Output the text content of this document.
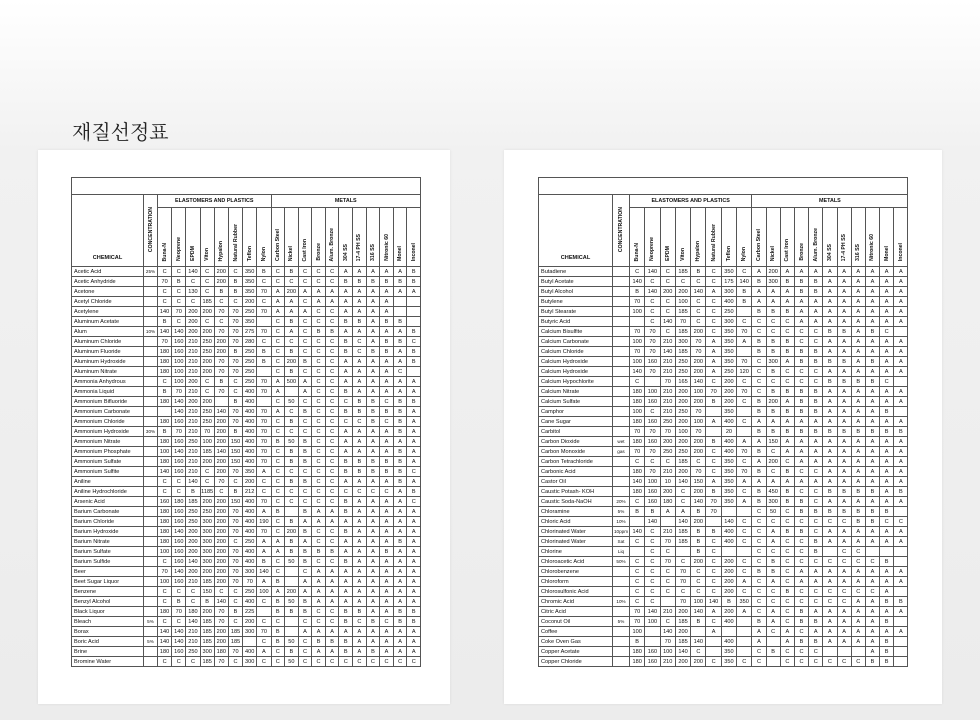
재질선정표

CHEMICAL	CONCENTRATION	ELASTOMERS AND PLASTICS								METALS										
		Buna-N	Neoprene	EPDM	Viton	Hypalon	Natural Rubber	Teflon	Nylon	Carbon Steel	Nickel	Cast Iron	Bronze	Alum. Bronze	304 SS	17-4 PH SS	316 SS	Nitronic 60	Monel	Inconel
Acetic Acid	25%	C	C	140	C	200	C	350	B	C	B	C	C	C	A	A	A	A	A	B
Acetic Anhydride		70	B	C	C	200	B	350	C	C	C	C	C	C	B	B	B	B	B	B
Acetone		C	C	130	C	B	B	350	70	A	200	A	A	A	A	A	A	A	A	A
Acetyl Chloride		C	C	C	185	C	C	200	C	A	A	C	A	A	A	A	A	A		
Acetylene		140	70	200	200	70	70	250	70	A	A	A	C	C	A	A	A	A		
Aluminum Acetate		B	C	200	C	C	70	350		C	B	C	C	C	B	B	A	B	B	
Alum	10%	140	140	200	200	70	70	275	70	C	A	C	B	B	A	A	A	A	A	B
Aluminum Chloride		70	160	210	250	200	70	280	C	C	C	C	C	C	B	C	A	B	B	C
Aluminum Fluoride		180	160	210	250	200	B	250	B	C	B	C	C	C	B	C	B	B	A	B
Aluminum Hydroxide		180	100	210	200	70	70	250	B	C	200	B	C	C	A	A	A	A	A	B
Aluminum Nitrate		180	100	210	200	70	70	250		C	B	C	C	C	A	A	A	A	C	
Ammonia Anhydrous		C	100	200	C	B	C	250	70	A	500	A	C	C	A	A	A	A	A	A
Ammonia Liquid		B	70	210	C	70	C	400	70	A		A	C	C	B	A	A	A	A	A
Ammonium Bifluoride		180	140	200	200		B	400		C	50	C	C	C	C	B	B	C	B	B
Ammonium Carbonate			140	210	250	140	70	400	70	A	C	B	C	C	B	B	B	B	B	A
Ammonium Chloride		180	160	210	250	200	70	400	70	C	B	C	C	C	C	C	B	C	B	A
Ammonium Hydroxide	30%	B	70	210	70	200	B	400	70	C	C	C	C	C	A	A	A	A	B	A
Ammonium Nitrate		180	160	250	100	200	150	400	70	B	50	B	C	C	A	A	A	A	A	A
Ammonium Phosphate		100	140	210	185	140	150	400	70	C	B	B	C	C	A	A	A	A	B	A
Ammonium Sulfate		180	160	210	200	200	150	400	70	C	B	B	C	C	B	B	B	B	B	A
Ammonium Sulfite		140	160	210	C	200	70	350	A	C	C	C	C	C	B	B	B	B	B	C
Aniline		C	C	140	C	70	C	200	C	C	B	B	C	C	A	A	A	A	B	A
Aniline Hydrochloride		C	C	B	1185	C	B	212	C	C	C	C	C	C	C	C	C	C	A	B
Arsenic Acid		160	180	185	200	200	150	400	70	C	C	C	C	C	B	A	A	A	A	C
Barium Carbonate		180	160	250	250	200	70	400	A	B		B	A	A	B	A	A	A	A	A
Barium Chloride		180	160	250	300	200	70	400	190	C	B	A	A	A	A	A	A	A	A	A
Barium Hydroxide		180	140	200	300	200	70	400	70	C	200	B	C	C	B	A	A	A	A	A
Barium Nitrate		180	160	200	300	200	C	250	A	A	B	A	C	C	A	A	A	A	B	A
Barium Sulfate		100	160	200	300	200	70	400	A	A	B	B	B	B	A	A	A	B	A	A
Barium Sulfide		C	160	140	300	200	70	400	B	C	50	B	C	C	B	A	A	A	A	A
Beer		70	140	200	200	200	70	300	140	C		C	A	A	A	A	A	A	A	A
Beet Sugar Liquor		100	160	210	185	200	70	70	A	B		A	A	A	A	A	A	A	A	A
Benzene		C	C	C	150	C	C	250	100	A	200	A	A	A	A	A	A	A	A	A
Benzyl Alcohol		C	B	C	B	140	C	400	C	B	50	B	A	A	A	A	A	A	A	A
Black Liquor		180	70	180	200	70	B	225		B	B	B	C	C	B	B	A	A	B	B
Bleach	5%	C	C	140	185	70	C	200	C	C		C	C	C	B	C	B	C	B	B
Borax		140	140	210	185	200	185	300	70	B		A	A	A	A	A	A	A	A	A
Boric Acid	5%	140	140	210	185	200	185		C	B	50	C	B	B	B	A	A	A	A	A
Brine		180	160	250	300	180	70	400	A	C	B	C	A	A	B	A	B	A	A	A
Bromine Water		C	C	C	185	70	C	300	C	C	50	C	C	C	C	C	C	C	C	C

CHEMICAL	CONCENTRATION	ELASTOMERS AND PLASTICS								METALS										
		Buna-N	Neoprene	EPDM	Viton	Hypalon	Natural Rubber	Teflon	Nylon	Carbon Steel	Nickel	Cast Iron	Bronze	Alum. Bronze	304 SS	17-4 PH SS	316 SS	Nitronic 60	Monel	Inconel
Butadiene		C	140	C	185	B	C	350	C	A	200	A	A	A	A	A	A	A	A	A
Butyl Acetate		140	C	C	C	C	C	175	140	B	300	B	B	B	A	A	A	A	A	A
Butyl Alcohol		B	140	200	200	140	A	300	B	A	A	A	B	B	A	A	A	A	A	A
Butylene		70	C	C	100	C	C	400	B	A	A	A	A	A	A	A	A	A	A	A
Butyl Stearate		100	C	C	185	C	C	250		B	B	B	A	A	A	A	A	A	A	A
Butyric Acid			C	140	70	C	C	300	C	C	C	C	A	A	A	A	A	A	A	A
Calcium Bisulfite		70	70	C	185	200	C	350	70	C	C	C	C	C	B	B	A	B	C	
Calcium Carbonate		100	70	210	300	70	A	350	A	B	B	B	C	C	A	A	A	A	A	A
Calcium Chloride		70	70	140	185	70	A	350		B	B	B	B	B	A	A	A	A	A	A
Calcium Hydroxide		100	160	210	250	200	A	350	70	C	300	A	B	B	B	B	A	B	A	A
Calcium Hydroxide		140	70	210	250	200	A	250	120	C	B	C	C	C	A	A	A	A	A	A
Calcium Hypochlorite		C		70	165	140	C	200	C	C	C	C	C	C	B	B	B	B	C	
Calcium Nitrate		180	100	210	200	100	70	200	70	C	B	B	B	B	A	A	A	A	A	A
Calcium Sulfate		180	160	210	200	200	B	200	C	B	200	A	B	B	A	A	A	A	A	A
Camphor		100	C	210	250	70		350		B	B	B	B	B	A	A	A	A	B	
Cane Sugar		180	160	250	200	100	A	400	C	A	A	A	A	A	A	A	A	A	A	A
Carbitol		70	70	70	100	70		20		B	B	B	B	B	B	B	B	B	B	B
Carbon Dioxide	wet	180	160	200	200	200	B	400	A	A	150	A	A	A	A	A	A	A	A	A
Carbon Monoxide	gas	70	70	250	250	200	C	400	70	B	C	A	A	A	A	A	A	A	A	A
Carbon Tetrachloride		C	C	C	185	C	C	350	C	A	200	C	A	A	A	A	A	A	A	A
Carbonic Acid		180	70	210	200	70	C	350	70	B	C	B	C	C	A	A	A	A	A	A
Castor Oil		140	100	10	140	150	A	350	A	A	A	A	A	A	A	A	A	A	A	A
Caustic Potash- KOH		180	160	200	C	200	B	350	C	B	450	B	C	C	B	B	B	B	A	B
Caustic Soda-NaOH	20%	C	160	180	C	140	70	350	A	B	300	B	B	C	A	A	A	A	A	A
Chloramine	5%	B	B	A	A	B	70			C	50	C	B	B	B	B	B	B	B	
Chloric Acid	10%		140		140	200		140	C	C	C	C	C	C	C	C	B	B	C	C
Chlorinated Water	10ppm	140	C	210	185	B	B	400	C	C	A	B	B	C	A	A	A	A	A	A
Chlorinated Water	Sat	C	C	70	185	B	C	400	C	C	A	C	C	B	A	A	A	A	A	A
Chlorine	Liq		C	C		B	C			C	C	C	C	B		C	C			
Chloroacetic Acid	50%	C	C	70	C	200	C	200	C	C	B	C	C	C	C	C	C	C	B	
Chlorobenzene		C	C	C	70	C	C	200	C	B	B	C	A	A	A	A	A	A	A	A
Chloroform		C	C	C	70	C	C	200	A	C	A	C	A	A	A	A	A	A	A	A
Chlorosulfonic Acid		C	C	C	C	C	C	200	C	C	C	B	C	C	C	C	C	C	A	
Chromic Acid	10%	C	C		70	100	140	B	350	C	C	C	C	C	C	C	A	A	B	B
Citric Acid		70	140	210	200	140	A	200	A	C	A	C	B	A	A	A	A	A	A	A
Coconut Oil	5%	70	100	C	185	B	C	400		B	A	C	B	B	A	A	A	A	B	
Coffee		100		140	200		A			A	C	A	C	A	A	A	A	A	A	A
Coke Oven Gas		B		70	185	140		400		A		A	B	B	A	A	A	A	B	
Copper Acetate		180	160	100	140	C		350		C	B	C	C	C				A	B	
Copper Chloride		180	160	210	200	200	C	350	C	C		C	C	C	C	C	C	B	B	
